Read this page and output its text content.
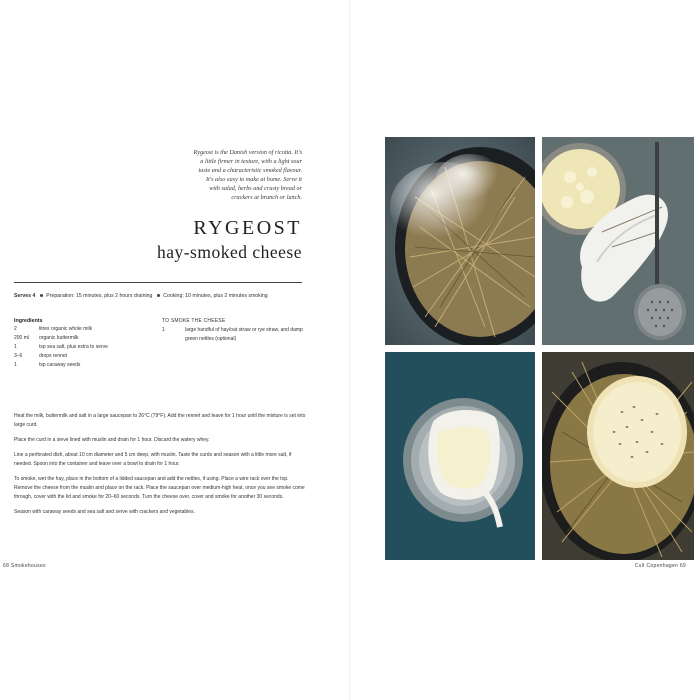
Rygeost is the Danish version of ricotta. It's
a little firmer in texture, with a light sour
taste and a characteristic smoked flavour.
It's also easy to make at home. Serve it
with salad, herbs and crusty bread or
crackers at brunch or lunch.
RYGEOST
hay-smoked cheese
Serves 4 Preparation: 15 minutes, plus 2 hours draining Cooking: 10 minutes, plus 2 minutes smoking
Ingredients
2	litres organic whole milk
200 ml organic buttermilk
1	tsp sea salt, plus extra to serve
3–6	drops rennet
1	tsp caraway seeds
TO SMOKE THE CHEESE
1	large handful of hay/oat straw or rye straw, and damp green nettles (optional)

Heat the milk, buttermilk and salt in a large saucepan to 26°C (79°F). Add the rennet and leave for 1 hour until the mixture is set into large curd.

Place the curd in a sieve lined with muslin and drain for 1 hour. Discard the watery whey.

Line a perforated dish, about 10 cm diameter and 5 cm deep, with muslin. Taste the curds and season with a little more salt, if needed. Spoon into the container and leave over a bowl to drain for 1 hour.

To smoke, wet the hay, place in the bottom of a lidded saucepan and add the nettles, if using. Place a wire rack over the top. Remove the cheese from the muslin and place on the rack. Place the saucepan over medium-high heat, once you see smoke come through, cover with the lid and smoke for 20–60 seconds. Turn the cheese over, cover and smoke for another 30 seconds.

Season with caraway seeds and sea salt and serve with crackers and vegetables.

68 Smokehouses	Cult Copenhagen 69
